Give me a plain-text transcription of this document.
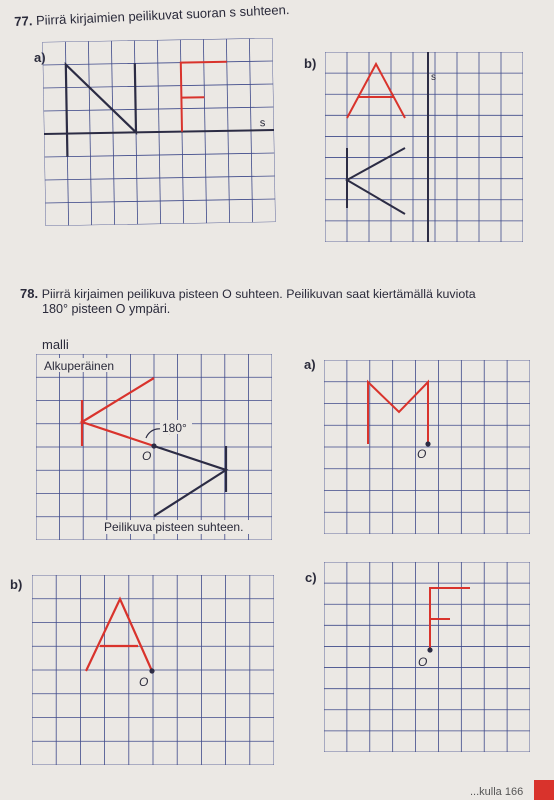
77. Piirrä kirjaimien peilikuvat suoran s suhteen.
a)
s
b)
s
78. Piirrä kirjaimen peilikuva pisteen O suhteen. Peilikuvan saat kiertämällä kuviota
180° pisteen O ympäri.
malli
Alkuperäinen
180°
O
Peilikuva pisteen suhteen.
a)
O
b)
O
c)
O
...kulla 166
